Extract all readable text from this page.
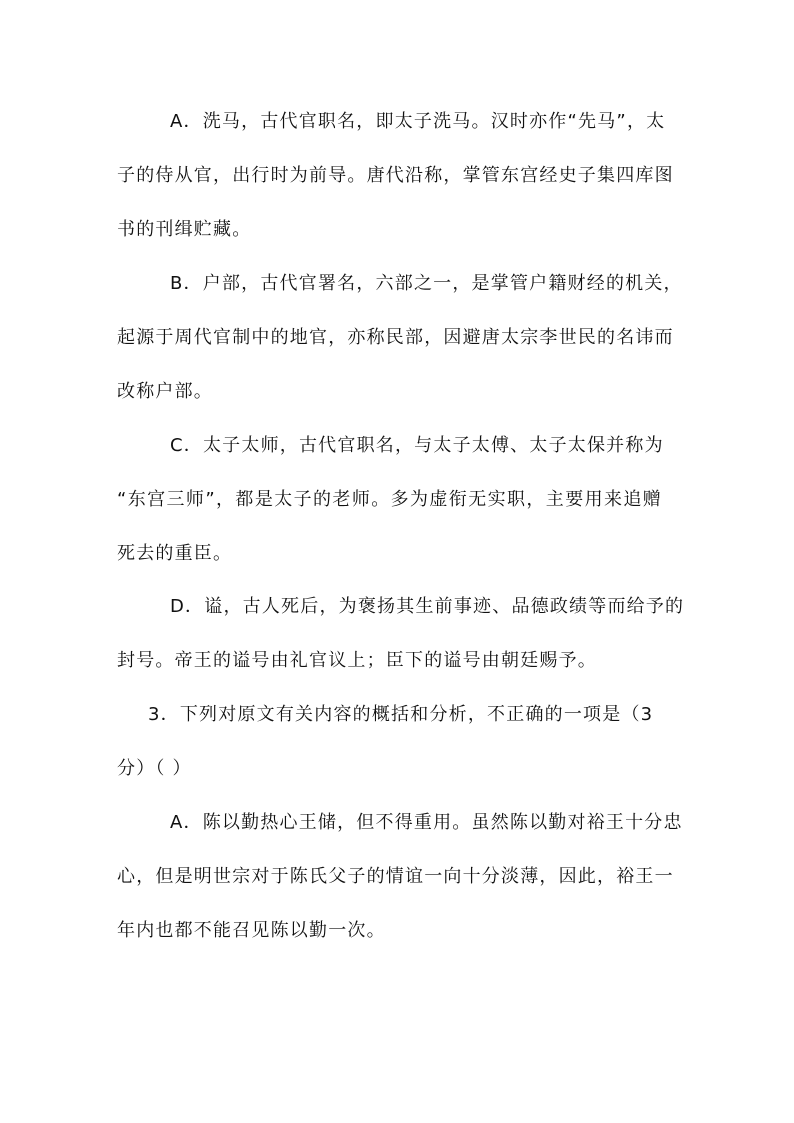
A．洗马，古代官职名，即太子洗马。汉时亦作“先马”，太
子的侍从官，出行时为前导。唐代沿称，掌管东宫经史子集四库图
书的刊缉贮藏。
B．户部，古代官署名，六部之一，是掌管户籍财经的机关，
起源于周代官制中的地官，亦称民部，因避唐太宗李世民的名讳而
改称户部。
C．太子太师，古代官职名，与太子太傅、太子太保并称为
“东宫三师”，都是太子的老师。多为虚衔无实职，主要用来追赠
死去的重臣。
D．谥，古人死后，为褒扬其生前事迹、品德政绩等而给予的
封号。帝王的谥号由礼官议上；臣下的谥号由朝廷赐予。
3．下列对原文有关内容的概括和分析，不正确的一项是（3
分）（ ）
A．陈以勤热心王储，但不得重用。虽然陈以勤对裕王十分忠
心，但是明世宗对于陈氏父子的情谊一向十分淡薄，因此，裕王一
年内也都不能召见陈以勤一次。
